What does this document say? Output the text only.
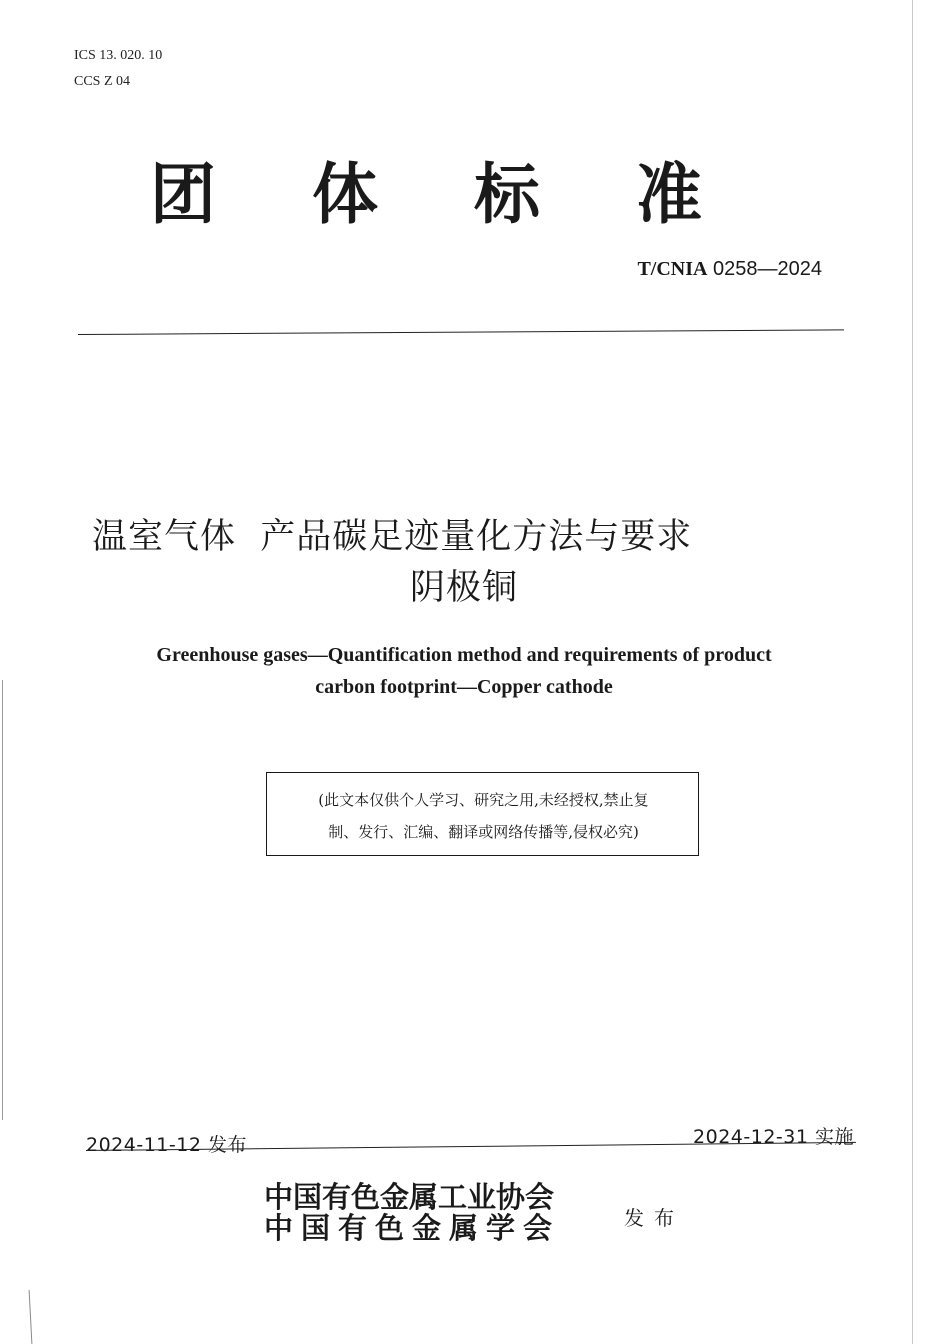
ICS 13. 020. 10
CCS Z 04
团体标准
T/CNIA 0258—2024
温室气体  产品碳足迹量化方法与要求
阴极铜
Greenhouse gases—Quantification method and requirements of product
carbon footprint—Copper cathode
(此文本仅供个人学习、研究之用,未经授权,禁止复
制、发行、汇编、翻译或网络传播等,侵权必究)
2024-11-12 发布	2024-12-31 实施
中国有色金属工业协会
中国有色金属学会	发布
